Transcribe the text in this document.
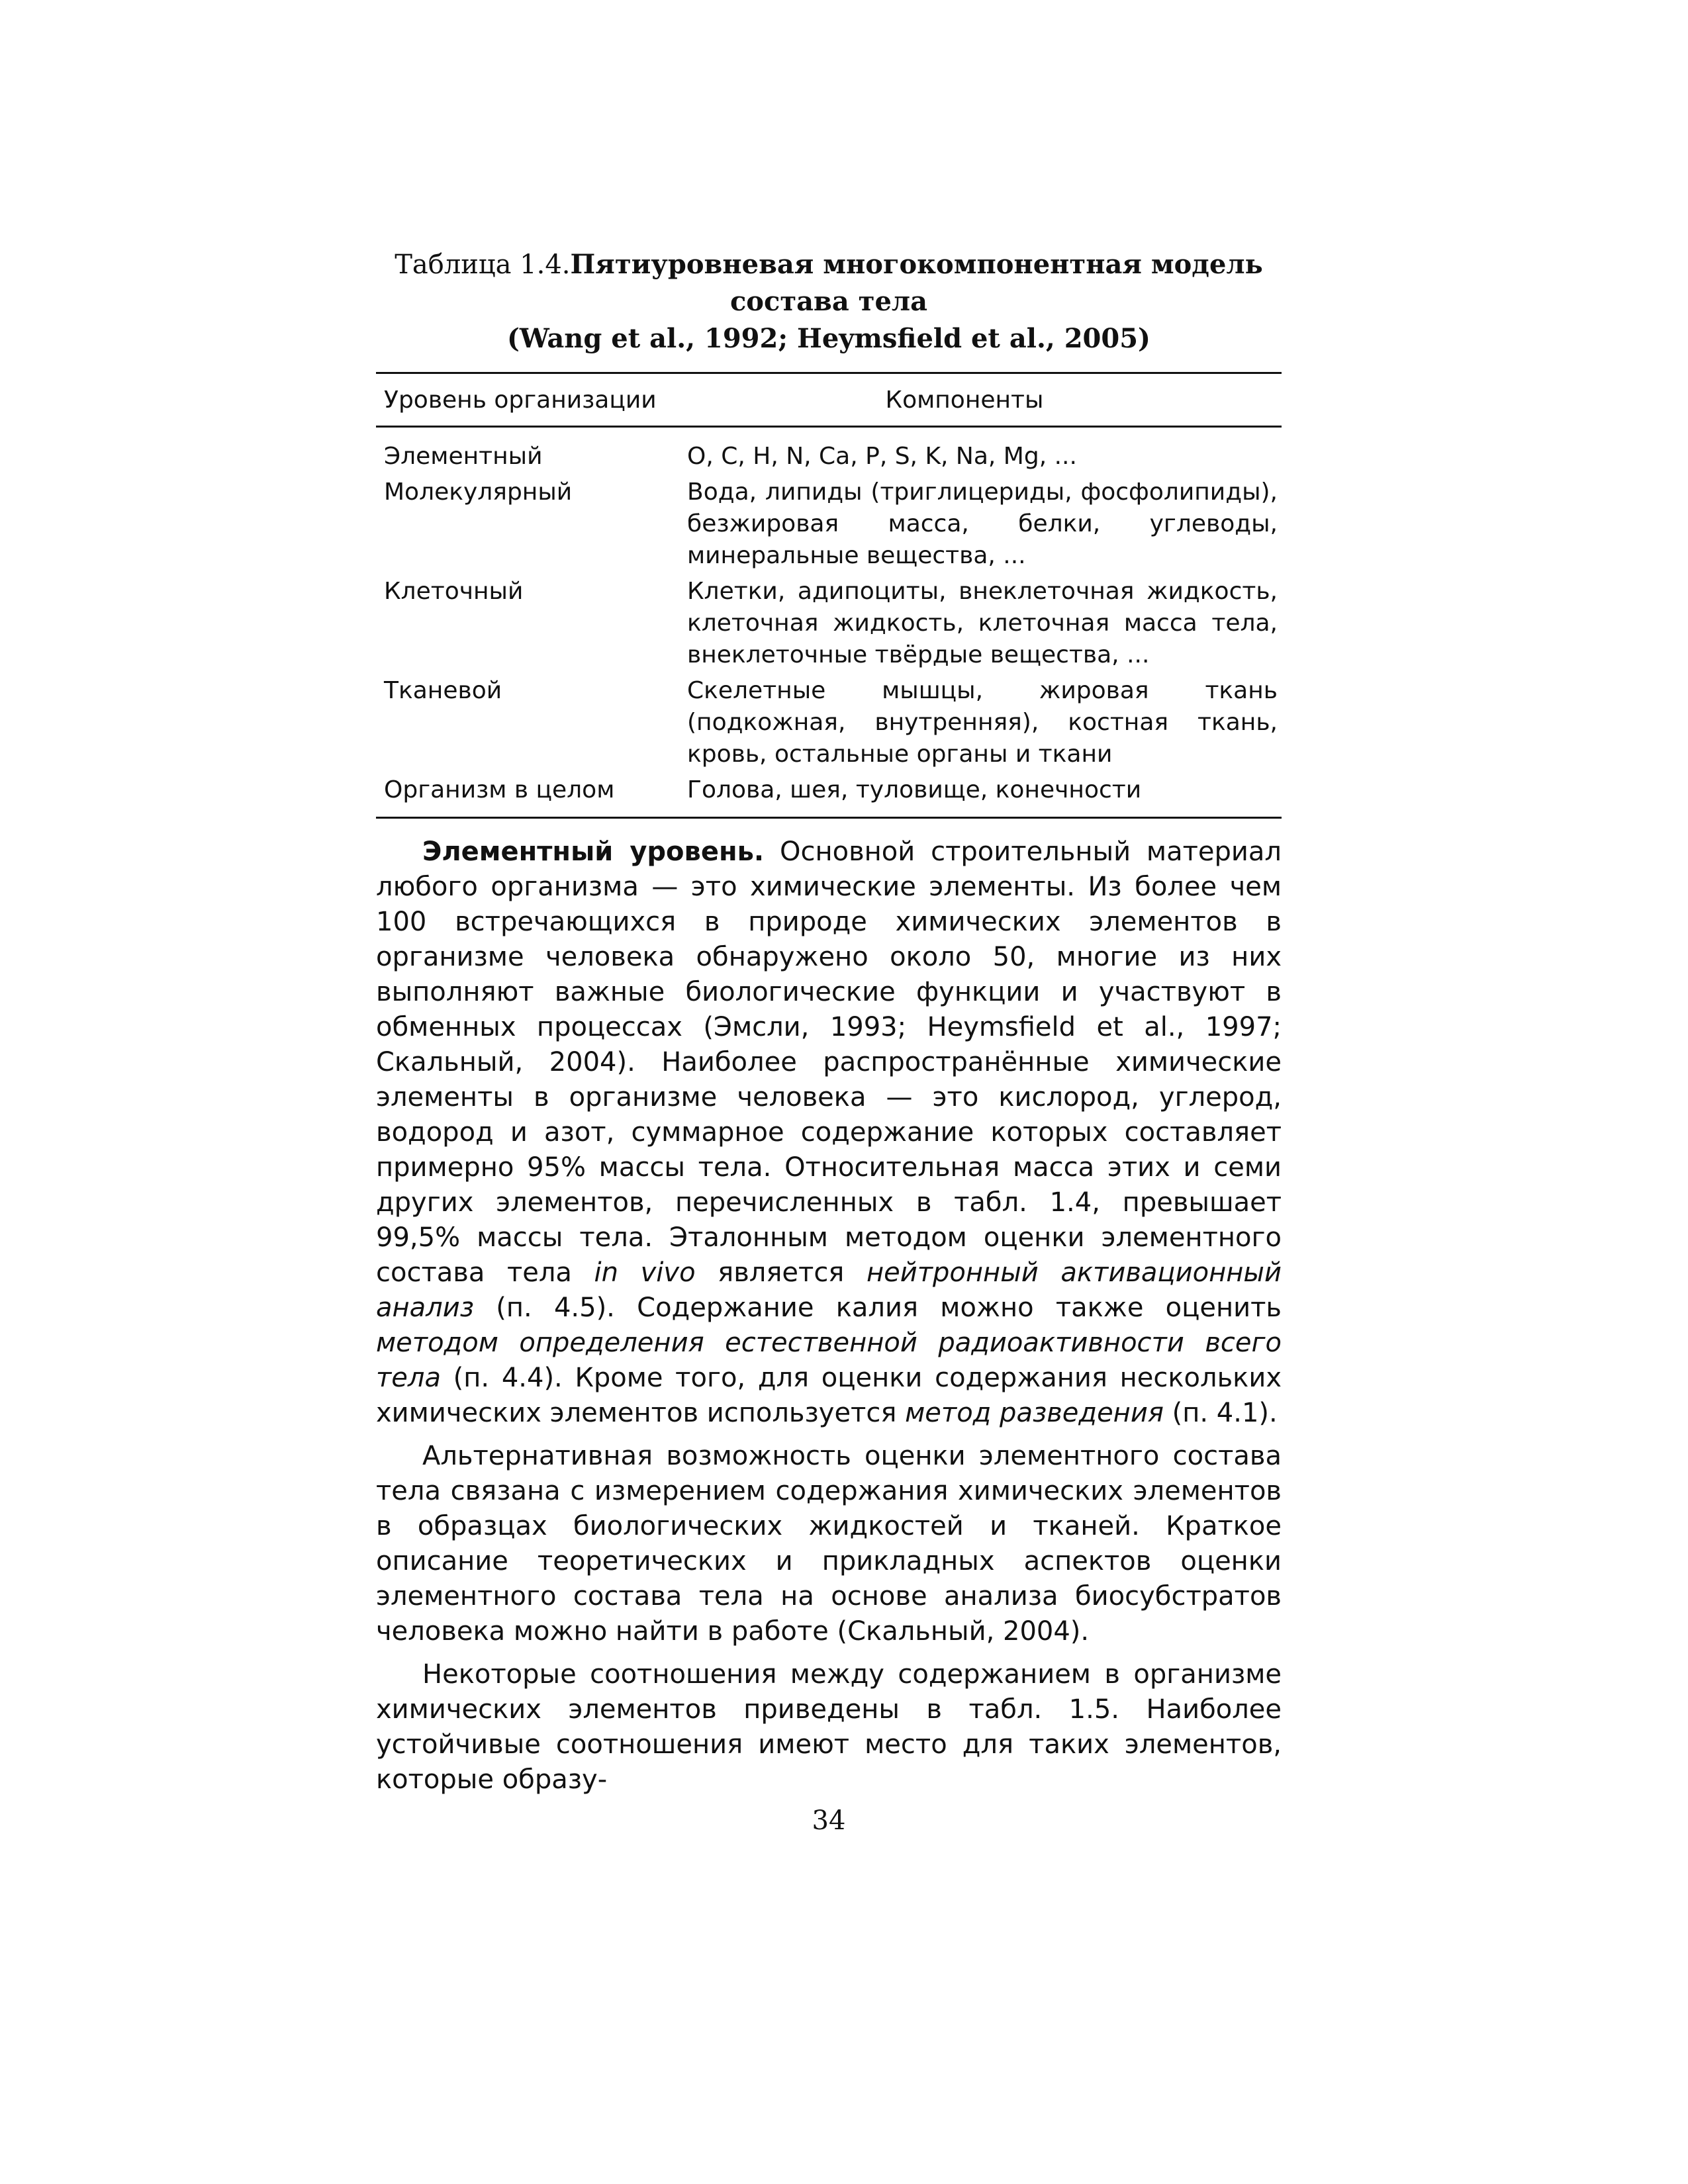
Таблица 1.4.Пятиуровневая многокомпонентная модель состава тела
(Wang et al., 1992; Heymsfield et al., 2005)

Уровень организации	Компоненты
Элементный	O, C, H, N, Ca, P, S, K, Na, Mg, ...
Молекулярный	Вода, липиды (триглицериды, фосфолипиды), безжировая масса, белки, углеводы, минеральные вещества, ...
Клеточный	Клетки, адипоциты, внеклеточная жидкость, клеточная жидкость, клеточная масса тела, внеклеточные твёрдые вещества, ...
Тканевой	Скелетные мышцы, жировая ткань (подкожная, внутренняя), костная ткань, кровь, остальные органы и ткани
Организм в целом	Голова, шея, туловище, конечности

Элементный уровень. Основной строительный материал любого организма — это химические элементы. Из более чем 100 встречающихся в природе химических элементов в организме человека обнаружено около 50, многие из них выполняют важные биологические функции и участвуют в обменных процессах (Эмсли, 1993; Heymsfield et al., 1997; Скальный, 2004). Наиболее распространённые химические элементы в организме человека — это кислород, углерод, водород и азот, суммарное содержание которых составляет примерно 95% массы тела. Относительная масса этих и семи других элементов, перечисленных в табл. 1.4, превышает 99,5% массы тела. Эталонным методом оценки элементного состава тела in vivo является нейтронный активационный анализ (п. 4.5). Содержание калия можно также оценить методом определения естественной радиоактивности всего тела (п. 4.4). Кроме того, для оценки содержания нескольких химических элементов используется метод разведения (п. 4.1).

Альтернативная возможность оценки элементного состава тела связана с измерением содержания химических элементов в образцах биологических жидкостей и тканей. Краткое описание теоретических и прикладных аспектов оценки элементного состава тела на основе анализа биосубстратов человека можно найти в работе (Скальный, 2004).

Некоторые соотношения между содержанием в организме химических элементов приведены в табл. 1.5. Наиболее устойчивые соотношения имеют место для таких элементов, которые образу-

34
